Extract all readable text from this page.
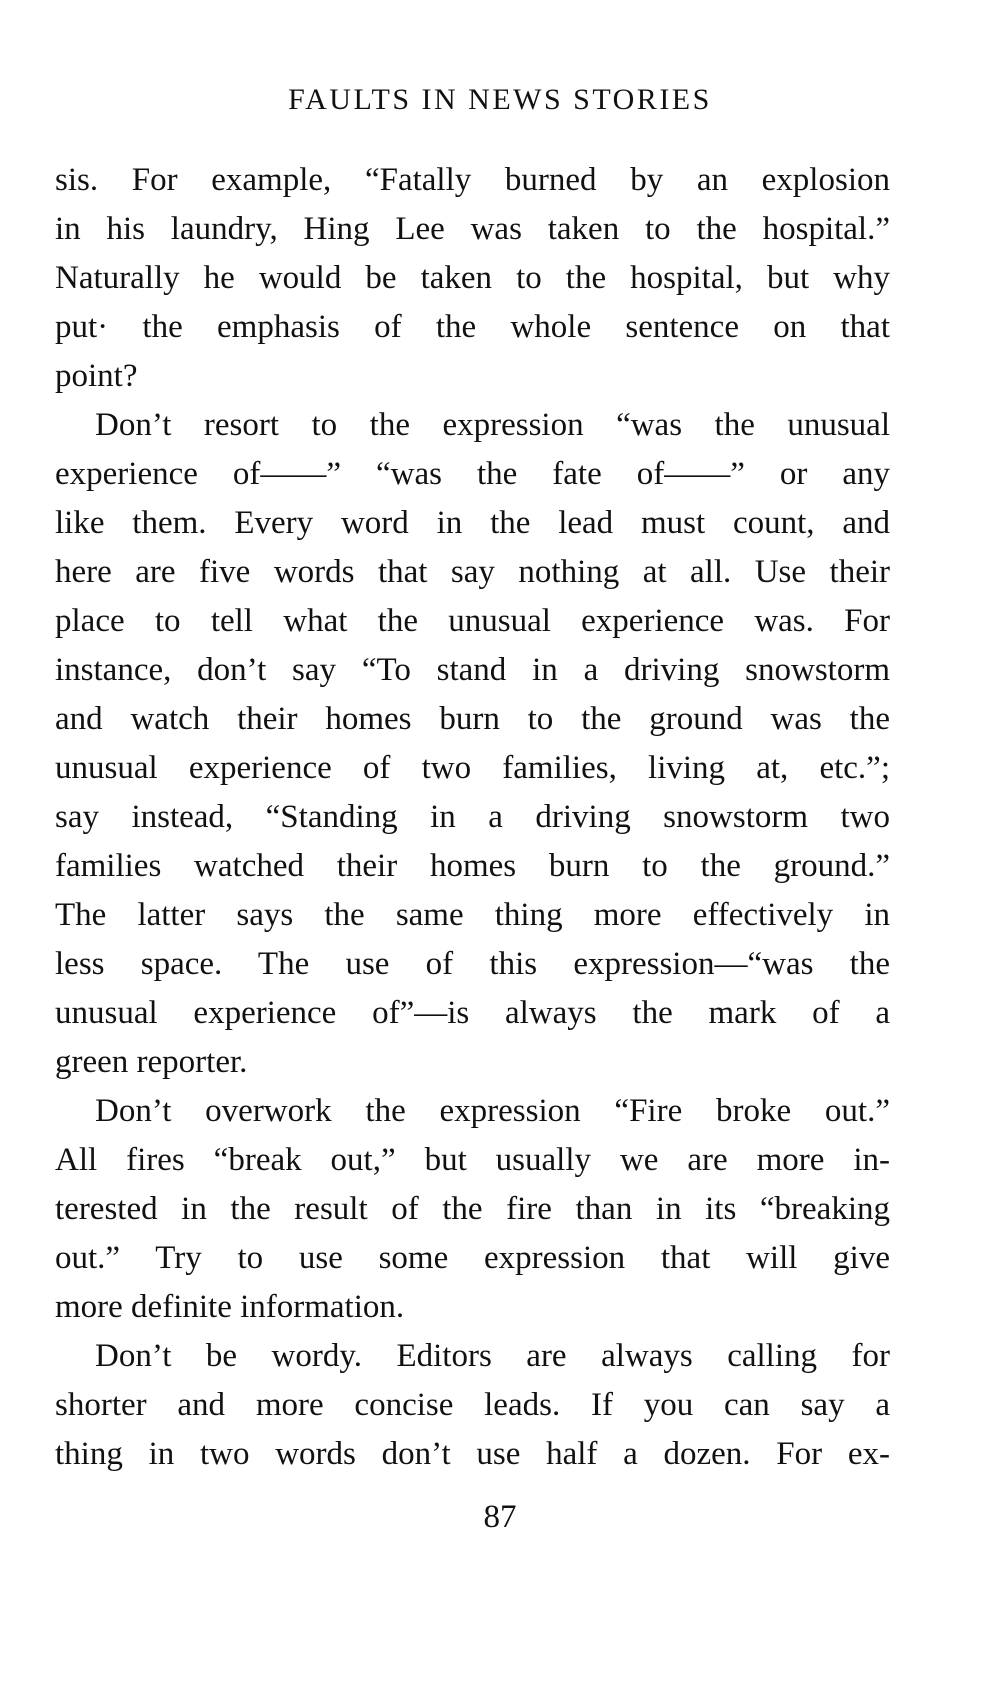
FAULTS IN NEWS STORIES
sis. For example, “Fatally burned by an explosion
in his laundry, Hing Lee was taken to the hospital.”
Naturally he would be taken to the hospital, but why
put· the emphasis of the whole sentence on that
point?
Don’t resort to the expression “was the unusual
experience of——” “was the fate of——” or any
like them. Every word in the lead must count, and
here are five words that say nothing at all. Use their
place to tell what the unusual experience was. For
instance, don’t say “To stand in a driving snowstorm
and watch their homes burn to the ground was the
unusual experience of two families, living at, etc.”;
say instead, “Standing in a driving snowstorm two
families watched their homes burn to the ground.”
The latter says the same thing more effectively in
less space. The use of this expression—“was the
unusual experience of”—is always the mark of a
green reporter.
Don’t overwork the expression “Fire broke out.”
All fires “break out,” but usually we are more in-
terested in the result of the fire than in its “breaking
out.” Try to use some expression that will give
more definite information.
Don’t be wordy. Editors are always calling for
shorter and more concise leads. If you can say a
thing in two words don’t use half a dozen. For ex-
87
